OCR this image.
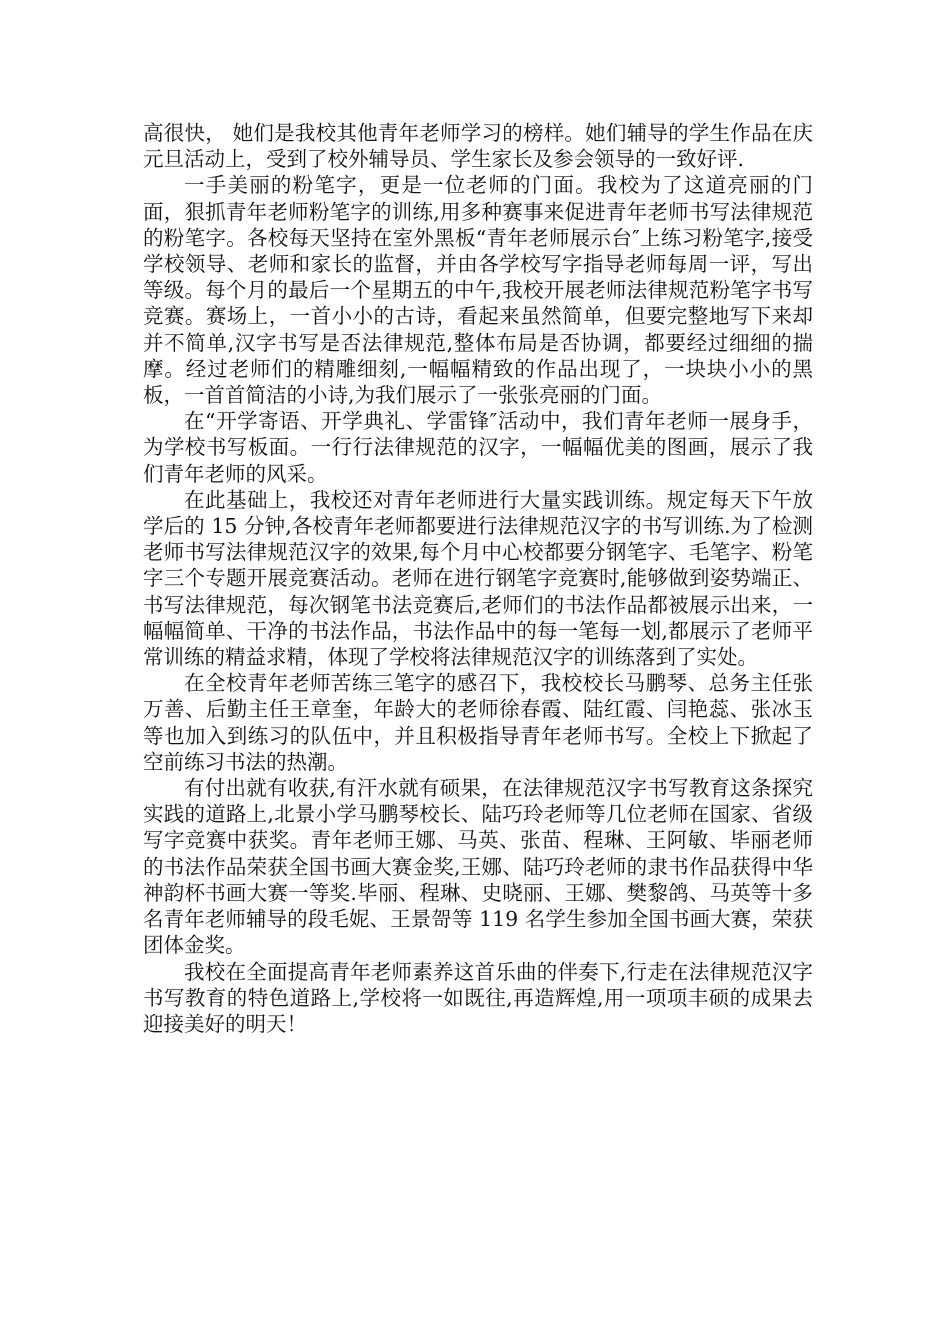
高很快， 她们是我校其他青年老师学习的榜样。她们辅导的学生作品在庆元旦活动上，受到了校外辅导员、学生家长及参会领导的一致好评.

一手美丽的粉笔字，更是一位老师的门面。我校为了这道亮丽的门面，狠抓青年老师粉笔字的训练,用多种赛事来促进青年老师书写法律规范的粉笔字。各校每天坚持在室外黑板“青年老师展示台″上练习粉笔字,接受学校领导、老师和家长的监督，并由各学校写字指导老师每周一评，写出等级。每个月的最后一个星期五的中午,我校开展老师法律规范粉笔字书写竞赛。赛场上，一首小小的古诗，看起来虽然简单，但要完整地写下来却并不简单,汉字书写是否法律规范,整体布局是否协调，都要经过细细的揣摩。经过老师们的精雕细刻,一幅幅精致的作品出现了，一块块小小的黑板，一首首简洁的小诗,为我们展示了一张张亮丽的门面。

在“开学寄语、开学典礼、学雷锋″活动中，我们青年老师一展身手，为学校书写板面。一行行法律规范的汉字，一幅幅优美的图画，展示了我们青年老师的风采。

在此基础上，我校还对青年老师进行大量实践训练。规定每天下午放学后的 15 分钟,各校青年老师都要进行法律规范汉字的书写训练.为了检测老师书写法律规范汉字的效果,每个月中心校都要分钢笔字、毛笔字、粉笔字三个专题开展竞赛活动。老师在进行钢笔字竞赛时,能够做到姿势端正、书写法律规范，每次钢笔书法竞赛后,老师们的书法作品都被展示出来，一幅幅简单、干净的书法作品，书法作品中的每一笔每一划,都展示了老师平常训练的精益求精，体现了学校将法律规范汉字的训练落到了实处。

在全校青年老师苦练三笔字的感召下，我校校长马鹏琴、总务主任张万善、后勤主任王章奎，年龄大的老师徐春霞、陆红霞、闫艳蕊、张冰玉等也加入到练习的队伍中，并且积极指导青年老师书写。全校上下掀起了空前练习书法的热潮。

有付出就有收获,有汗水就有硕果，在法律规范汉字书写教育这条探究实践的道路上,北景小学马鹏琴校长、陆巧玲老师等几位老师在国家、省级写字竞赛中获奖。青年老师王娜、马英、张苗、程琳、王阿敏、毕丽老师的书法作品荣获全国书画大赛金奖,王娜、陆巧玲老师的隶书作品获得中华神韵杯书画大赛一等奖.毕丽、程琳、史晓丽、王娜、樊黎鸽、马英等十多名青年老师辅导的段毛妮、王景哿等 119 名学生参加全国书画大赛，荣获团体金奖。

我校在全面提高青年老师素养这首乐曲的伴奏下,行走在法律规范汉字书写教育的特色道路上,学校将一如既往,再造辉煌,用一项项丰硕的成果去迎接美好的明天！
